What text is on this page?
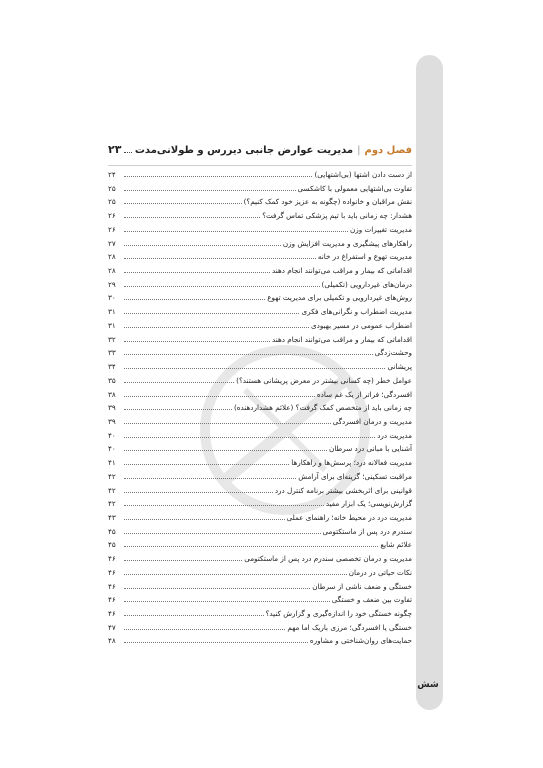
شش
فصل دوم
|
مدیریت عوارض جانبی دیررس و طولانی‌مدت
۲۳
از دست دادن اشتها (بی‌اشتهایی)
۲۴
تفاوت بی‌اشتهایی معمولی با کاشکسی
۲۵
نقش مراقبان و خانواده (چگونه به عزیز خود کمک کنیم؟)
۲۵
هشدار: چه زمانی باید با تیم پزشکی تماس گرفت؟
۲۶
مدیریت تغییرات وزن
۲۶
راهکارهای پیشگیری و مدیریت افزایش وزن
۲۷
مدیریت تهوع و استفراغ در خانه
۲۸
اقداماتی که بیمار و مراقب می‌توانند انجام دهند
۲۸
درمان‌های غیردارویی (تکمیلی)
۲۹
روش‌های غیردارویی و تکمیلی برای مدیریت تهوع
۳۰
مدیریت اضطراب و نگرانی‌های فکری
۳۱
اضطراب عمومی در مسیر بهبودی
۳۱
اقداماتی که بیمار و مراقب می‌توانند انجام دهند
۳۲
وحشت‌زدگی
۳۳
پریشانی
۳۴
عوامل خطر (چه کسانی بیشتر در معرض پریشانی هستند؟)
۳۵
افسردگی؛ فراتر از یک غم ساده
۳۸
چه زمانی باید از متخصص کمک گرفت؟ (علائم هشداردهنده)
۳۹
مدیریت و درمان افسردگی
۳۹
مدیریت درد
۴۰
آشنایی با مبانی درد سرطان
۴۰
مدیریت فعالانه درد؛ پرسش‌ها و راهکارها
۴۱
مراقبت تسکینی؛ گزینه‌ای برای آرامش
۴۲
قوانینی برای اثربخشی بیشتر برنامه کنترل درد
۴۲
گزارش‌نویسی؛ یک ابزار مفید
۴۲
مدیریت درد در محیط خانه؛ راهنمای عملی
۴۳
سندرم درد پس از ماستکتومی
۴۵
علائم شایع
۴۵
مدیریت و درمان تخصصی سندرم درد پس از ماستکتومی
۴۶
نکات حیاتی در درمان
۴۶
خستگی و ضعف ناشی از سرطان
۴۶
تفاوت بین ضعف و خستگی
۴۶
چگونه خستگی خود را اندازه‌گیری و گزارش کنید؟
۴۶
خستگی یا افسردگی؛ مرزی باریک اما مهم
۴۷
حمایت‌های روان‌شناختی و مشاوره
۴۸
